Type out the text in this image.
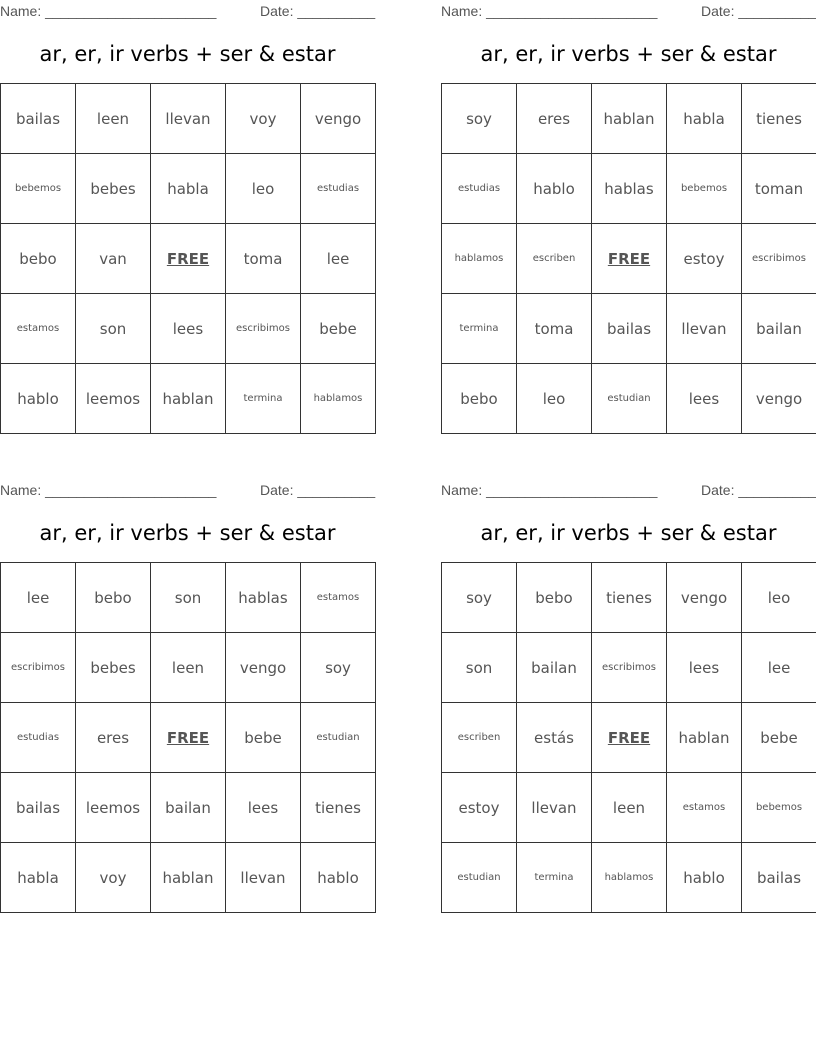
Name: ______________________	Date: __________
ar, er, ir verbs + ser & estar
bailas	leen	llevan	voy	vengo
bebemos	bebes	habla	leo	estudias
bebo	van	FREE	toma	lee
estamos	son	lees	escribimos	bebe
hablo	leemos	hablan	termina	hablamos
Name: ______________________	Date: __________
ar, er, ir verbs + ser & estar
soy	eres	hablan	habla	tienes
estudias	hablo	hablas	bebemos	toman
hablamos	escriben	FREE	estoy	escribimos
termina	toma	bailas	llevan	bailan
bebo	leo	estudian	lees	vengo
Name: ______________________	Date: __________
ar, er, ir verbs + ser & estar
lee	bebo	son	hablas	estamos
escribimos	bebes	leen	vengo	soy
estudias	eres	FREE	bebe	estudian
bailas	leemos	bailan	lees	tienes
habla	voy	hablan	llevan	hablo
Name: ______________________	Date: __________
ar, er, ir verbs + ser & estar
soy	bebo	tienes	vengo	leo
son	bailan	escribimos	lees	lee
escriben	estás	FREE	hablan	bebe
estoy	llevan	leen	estamos	bebemos
estudian	termina	hablamos	hablo	bailas
